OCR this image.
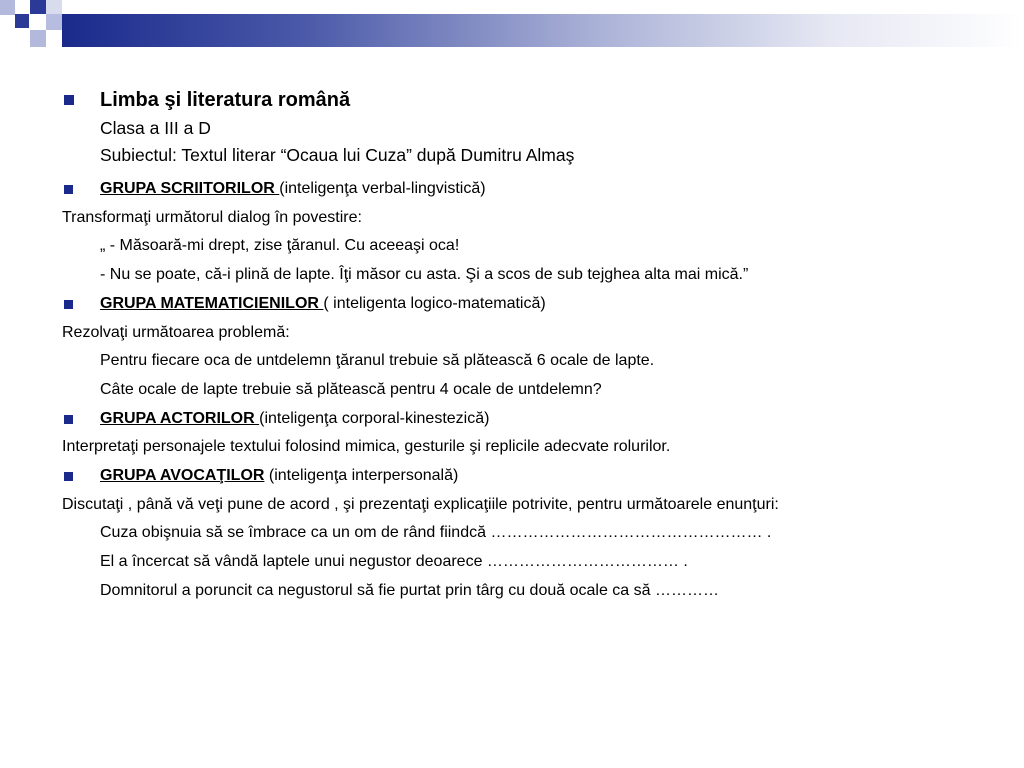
Limba şi literatura română
Clasa a III a D
Subiectul: Textul literar “Ocaua lui Cuza” după Dumitru Almaş
GRUPA SCRIITORILOR (inteligenţa verbal-lingvistică)
Transformaţi următorul dialog în povestire:
„ - Măsoară-mi drept, zise ţăranul. Cu aceeaşi oca!
- Nu se poate, că-i plină de lapte. Îţi măsor cu asta. Şi a scos de sub tejghea alta mai mică.”
GRUPA MATEMATICIENILOR ( inteligenta logico-matematică)
Rezolvaţi următoarea problemă:
Pentru fiecare oca de untdelemn ţăranul trebuie să plătească 6 ocale de lapte.
Câte ocale de lapte trebuie să plătească pentru 4 ocale de untdelemn?
GRUPA ACTORILOR (inteligenţa corporal-kinestezică)
Interpretaţi personajele textului folosind mimica, gesturile şi replicile adecvate rolurilor.
GRUPA AVOCAŢILOR (inteligenţa interpersonală)
Discutaţi , până vă veţi pune de acord , şi prezentaţi explicaţiile potrivite, pentru următoarele enunţuri:
Cuza obişnuia să se îmbrace ca un om de rând fiindcă …………………………………………… .
El a încercat să vândă laptele unui negustor deoarece ……………………………… .
Domnitorul a poruncit ca negustorul să fie purtat prin târg cu două ocale ca să …………
